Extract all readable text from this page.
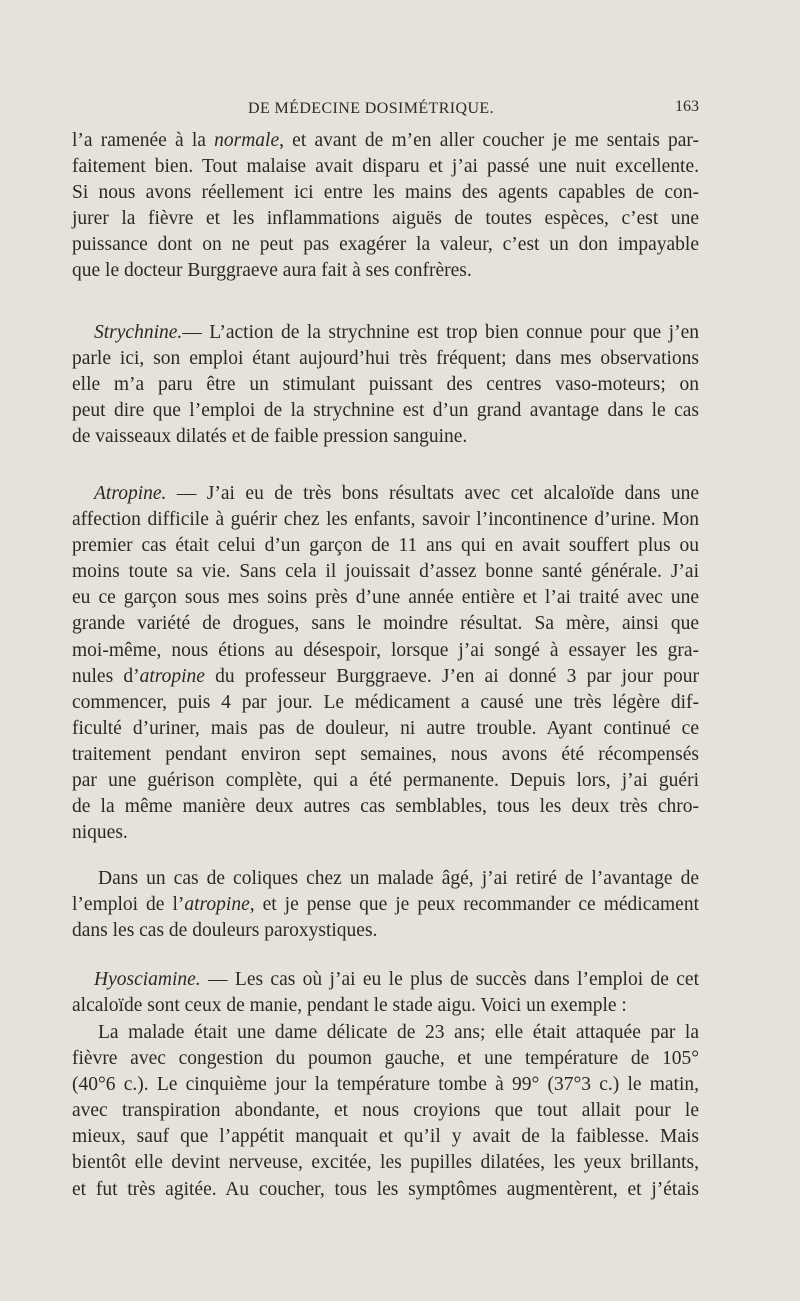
DE MÉDECINE DOSIMÉTRIQUE.	163
l’a ramenée à la normale, et avant de m’en aller coucher je me sentais par-
faitement bien. Tout malaise avait disparu et j’ai passé une nuit excellente.
Si nous avons réellement ici entre les mains des agents capables de con-
jurer la fièvre et les inflammations aiguës de toutes espèces, c’est une
puissance dont on ne peut pas exagérer la valeur, c’est un don impayable
que le docteur Burggraeve aura fait à ses confrères.
Strychnine.— L’action de la strychnine est trop bien connue pour que j’en
parle ici, son emploi étant aujourd’hui très fréquent; dans mes observations
elle m’a paru être un stimulant puissant des centres vaso-moteurs; on
peut dire que l’emploi de la strychnine est d’un grand avantage dans le cas
de vaisseaux dilatés et de faible pression sanguine.
Atropine. — J’ai eu de très bons résultats avec cet alcaloïde dans une
affection difficile à guérir chez les enfants, savoir l’incontinence d’urine. Mon
premier cas était celui d’un garçon de 11 ans qui en avait souffert plus ou
moins toute sa vie. Sans cela il jouissait d’assez bonne santé générale. J’ai
eu ce garçon sous mes soins près d’une année entière et l’ai traité avec une
grande variété de drogues, sans le moindre résultat. Sa mère, ainsi que
moi-même, nous étions au désespoir, lorsque j’ai songé à essayer les gra-
nules d’atropine du professeur Burggraeve. J’en ai donné 3 par jour pour
commencer, puis 4 par jour. Le médicament a causé une très légère dif-
ficulté d’uriner, mais pas de douleur, ni autre trouble. Ayant continué ce
traitement pendant environ sept semaines, nous avons été récompensés
par une guérison complète, qui a été permanente. Depuis lors, j’ai guéri
de la même manière deux autres cas semblables, tous les deux très chro-
niques.
Dans un cas de coliques chez un malade âgé, j’ai retiré de l’avantage de
l’emploi de l’atropine, et je pense que je peux recommander ce médicament
dans les cas de douleurs paroxystiques.
Hyosciamine. — Les cas où j’ai eu le plus de succès dans l’emploi de cet
alcaloïde sont ceux de manie, pendant le stade aigu. Voici un exemple :
La malade était une dame délicate de 23 ans; elle était attaquée par la
fièvre avec congestion du poumon gauche, et une température de 105°
(40°6 c.). Le cinquième jour la température tombe à 99° (37°3 c.) le matin,
avec transpiration abondante, et nous croyions que tout allait pour le
mieux, sauf que l’appétit manquait et qu’il y avait de la faiblesse. Mais
bientôt elle devint nerveuse, excitée, les pupilles dilatées, les yeux brillants,
et fut très agitée. Au coucher, tous les symptômes augmentèrent, et j’étais
